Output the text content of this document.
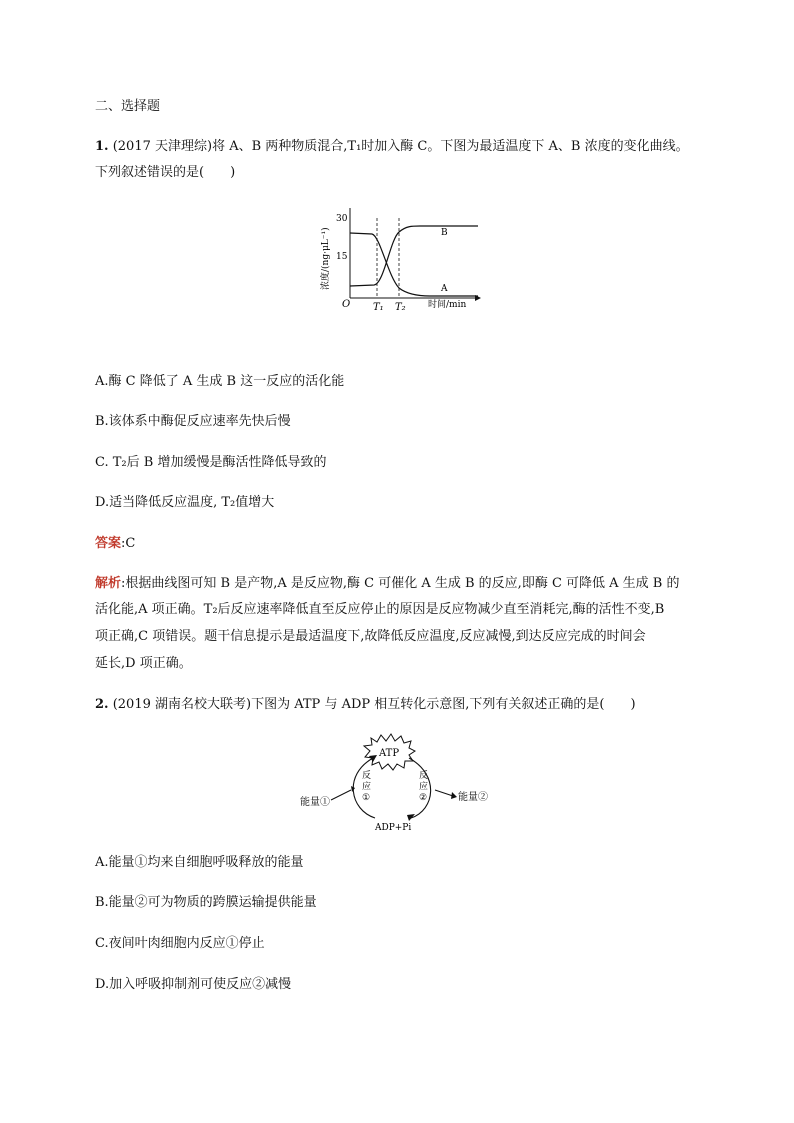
二、选择题
1. (2017 天津理综)将 A、B 两种物质混合,T₁时加入酶 C。下图为最适温度下 A、B 浓度的变化曲线。
下列叙述错误的是(　　)
浓度/(ng·μL⁻¹)
30
15
O T₁ T₂ 时间/min
B
A
A.酶 C 降低了 A 生成 B 这一反应的活化能
B.该体系中酶促反应速率先快后慢
C. T₂后 B 增加缓慢是酶活性降低导致的
D.适当降低反应温度, T₂值增大
答案:C
解析:根据曲线图可知 B 是产物,A 是反应物,酶 C 可催化 A 生成 B 的反应,即酶 C 可降低 A 生成 B 的
活化能,A 项正确。T₂后反应速率降低直至反应停止的原因是反应物减少直至消耗完,酶的活性不变,B
项正确,C 项错误。题干信息提示是最适温度下,故降低反应温度,反应减慢,到达反应完成的时间会
延长,D 项正确。
2. (2019 湖南名校大联考)下图为 ATP 与 ADP 相互转化示意图,下列有关叙述正确的是(　　)
ATP
反
应
①
反
应
②
能量①	能量②
ADP+Pi
A.能量①均来自细胞呼吸释放的能量
B.能量②可为物质的跨膜运输提供能量
C.夜间叶肉细胞内反应①停止
D.加入呼吸抑制剂可使反应②减慢
